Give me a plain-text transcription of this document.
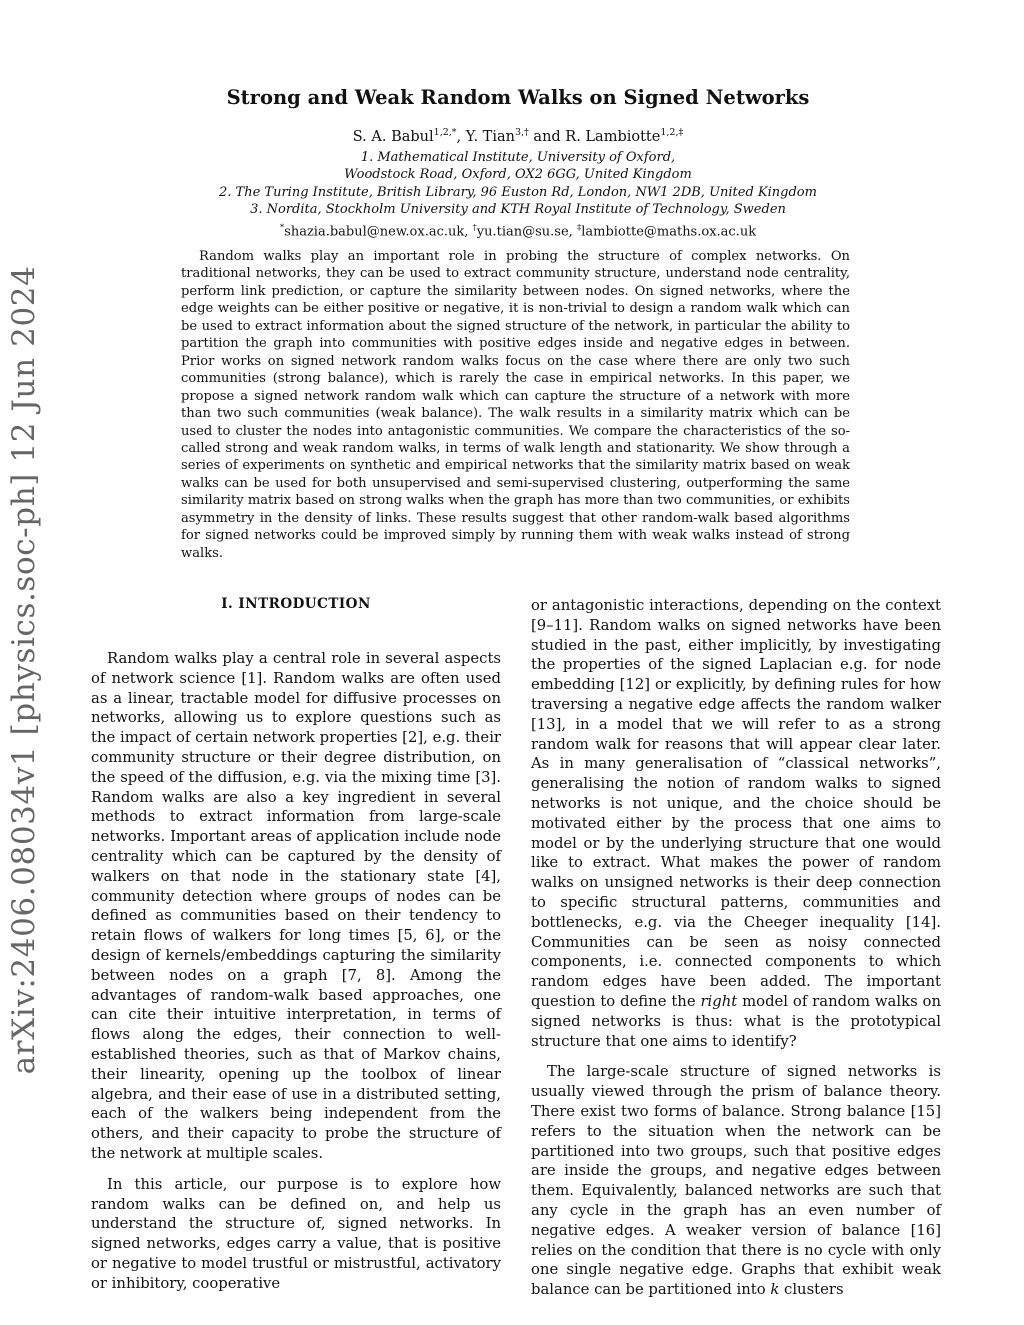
arXiv:2406.08034v1 [physics.soc-ph] 12 Jun 2024
Strong and Weak Random Walks on Signed Networks
S. A. Babul$^{1,2,*}$, Y. Tian$^{3,\dagger}$ and R. Lambiotte$^{1,2,\ddagger}$
1. Mathematical Institute, University of Oxford,
Woodstock Road, Oxford, OX2 6GG, United Kingdom
2. The Turing Institute, British Library, 96 Euston Rd, London, NW1 2DB, United Kingdom
3. Nordita, Stockholm University and KTH Royal Institute of Technology, Sweden
*shazia.babul@new.ox.ac.uk, †yu.tian@su.se, ‡lambiotte@maths.ox.ac.uk

Random walks play an important role in probing the structure of complex networks. On traditional networks, they can be used to extract community structure, understand node centrality, perform link prediction, or capture the similarity between nodes. On signed networks, where the edge weights can be either positive or negative, it is non-trivial to design a random walk which can be used to extract information about the signed structure of the network, in particular the ability to partition the graph into communities with positive edges inside and negative edges in between. Prior works on signed network random walks focus on the case where there are only two such communities (strong balance), which is rarely the case in empirical networks. In this paper, we propose a signed network random walk which can capture the structure of a network with more than two such communities (weak balance). The walk results in a similarity matrix which can be used to cluster the nodes into antagonistic communities. We compare the characteristics of the so-called strong and weak random walks, in terms of walk length and stationarity. We show through a series of experiments on synthetic and empirical networks that the similarity matrix based on weak walks can be used for both unsupervised and semi-supervised clustering, outperforming the same similarity matrix based on strong walks when the graph has more than two communities, or exhibits asymmetry in the density of links. These results suggest that other random-walk based algorithms for signed networks could be improved simply by running them with weak walks instead of strong walks.

I. INTRODUCTION

Random walks play a central role in several aspects of network science [1]. Random walks are often used as a linear, tractable model for diffusive processes on networks, allowing us to explore questions such as the impact of certain network properties [2], e.g. their community structure or their degree distribution, on the speed of the diffusion, e.g. via the mixing time [3]. Random walks are also a key ingredient in several methods to extract information from large-scale networks. Important areas of application include node centrality which can be captured by the density of walkers on that node in the stationary state [4], community detection where groups of nodes can be defined as communities based on their tendency to retain flows of walkers for long times [5, 6], or the design of kernels/embeddings capturing the similarity between nodes on a graph [7, 8]. Among the advantages of random-walk based approaches, one can cite their intuitive interpretation, in terms of flows along the edges, their connection to well-established theories, such as that of Markov chains, their linearity, opening up the toolbox of linear algebra, and their ease of use in a distributed setting, each of the walkers being independent from the others, and their capacity to probe the structure of the network at multiple scales.

In this article, our purpose is to explore how random walks can be defined on, and help us understand the structure of, signed networks. In signed networks, edges carry a value, that is positive or negative to model trustful or mistrustful, activatory or inhibitory, cooperative

or antagonistic interactions, depending on the context [9–11]. Random walks on signed networks have been studied in the past, either implicitly, by investigating the properties of the signed Laplacian e.g. for node embedding [12] or explicitly, by defining rules for how traversing a negative edge affects the random walker [13], in a model that we will refer to as a strong random walk for reasons that will appear clear later. As in many generalisation of “classical networks”, generalising the notion of random walks to signed networks is not unique, and the choice should be motivated either by the process that one aims to model or by the underlying structure that one would like to extract. What makes the power of random walks on unsigned networks is their deep connection to specific structural patterns, communities and bottlenecks, e.g. via the Cheeger inequality [14]. Communities can be seen as noisy connected components, i.e. connected components to which random edges have been added. The important question to define the right model of random walks on signed networks is thus: what is the prototypical structure that one aims to identify?

The large-scale structure of signed networks is usually viewed through the prism of balance theory. There exist two forms of balance. Strong balance [15] refers to the situation when the network can be partitioned into two groups, such that positive edges are inside the groups, and negative edges between them. Equivalently, balanced networks are such that any cycle in the graph has an even number of negative edges. A weaker version of balance [16] relies on the condition that there is no cycle with only one single negative edge. Graphs that exhibit weak balance can be partitioned into k clusters
